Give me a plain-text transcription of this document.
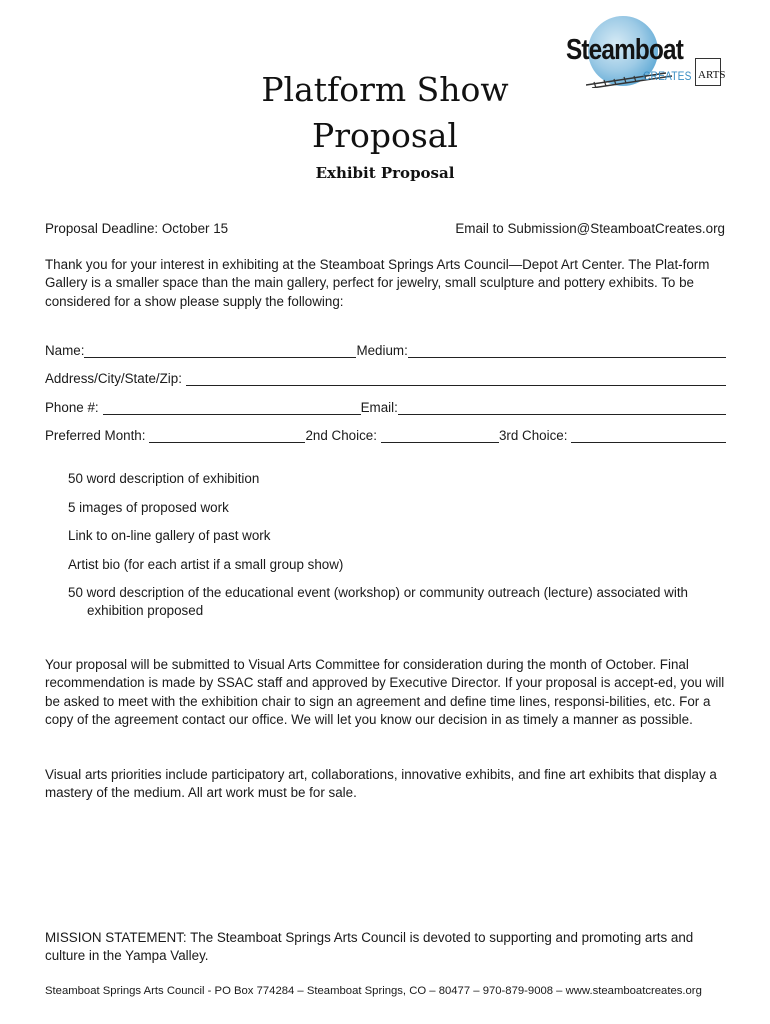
Steamboat
CREATES ARTS
Platform Show
Proposal
Exhibit Proposal
Proposal Deadline: October 15	Email to Submission@SteamboatCreates.org
Thank you for your interest in exhibiting at the Steamboat Springs Arts Council—Depot Art Center. The Plat-form Gallery is a smaller space than the main gallery, perfect for jewelry, small sculpture and pottery exhibits. To be considered for a show please supply the following:
Name:	Medium:
Address/City/State/Zip:
Phone #:	Email:
Preferred Month:	2nd Choice:	3rd Choice:
50 word description of exhibition
5 images of proposed work
Link to on-line gallery of past work
Artist bio (for each artist if a small group show)
50 word description of the educational event (workshop) or community outreach (lecture) associated with
exhibition proposed
Your proposal will be submitted to Visual Arts Committee for consideration during the month of October. Final recommendation is made by SSAC staff and approved by Executive Director. If your proposal is accept-ed, you will be asked to meet with the exhibition chair to sign an agreement and define time lines, responsi-bilities, etc. For a copy of the agreement contact our office. We will let you know our decision in as timely a manner as possible.
Visual arts priorities include participatory art, collaborations, innovative exhibits, and fine art exhibits that display a mastery of the medium. All art work must be for sale.
MISSION STATEMENT: The Steamboat Springs Arts Council is devoted to supporting and promoting arts and culture in the Yampa Valley.
Steamboat Springs Arts Council - PO Box 774284 – Steamboat Springs, CO – 80477 – 970-879-9008 – www.steamboatcreates.org
